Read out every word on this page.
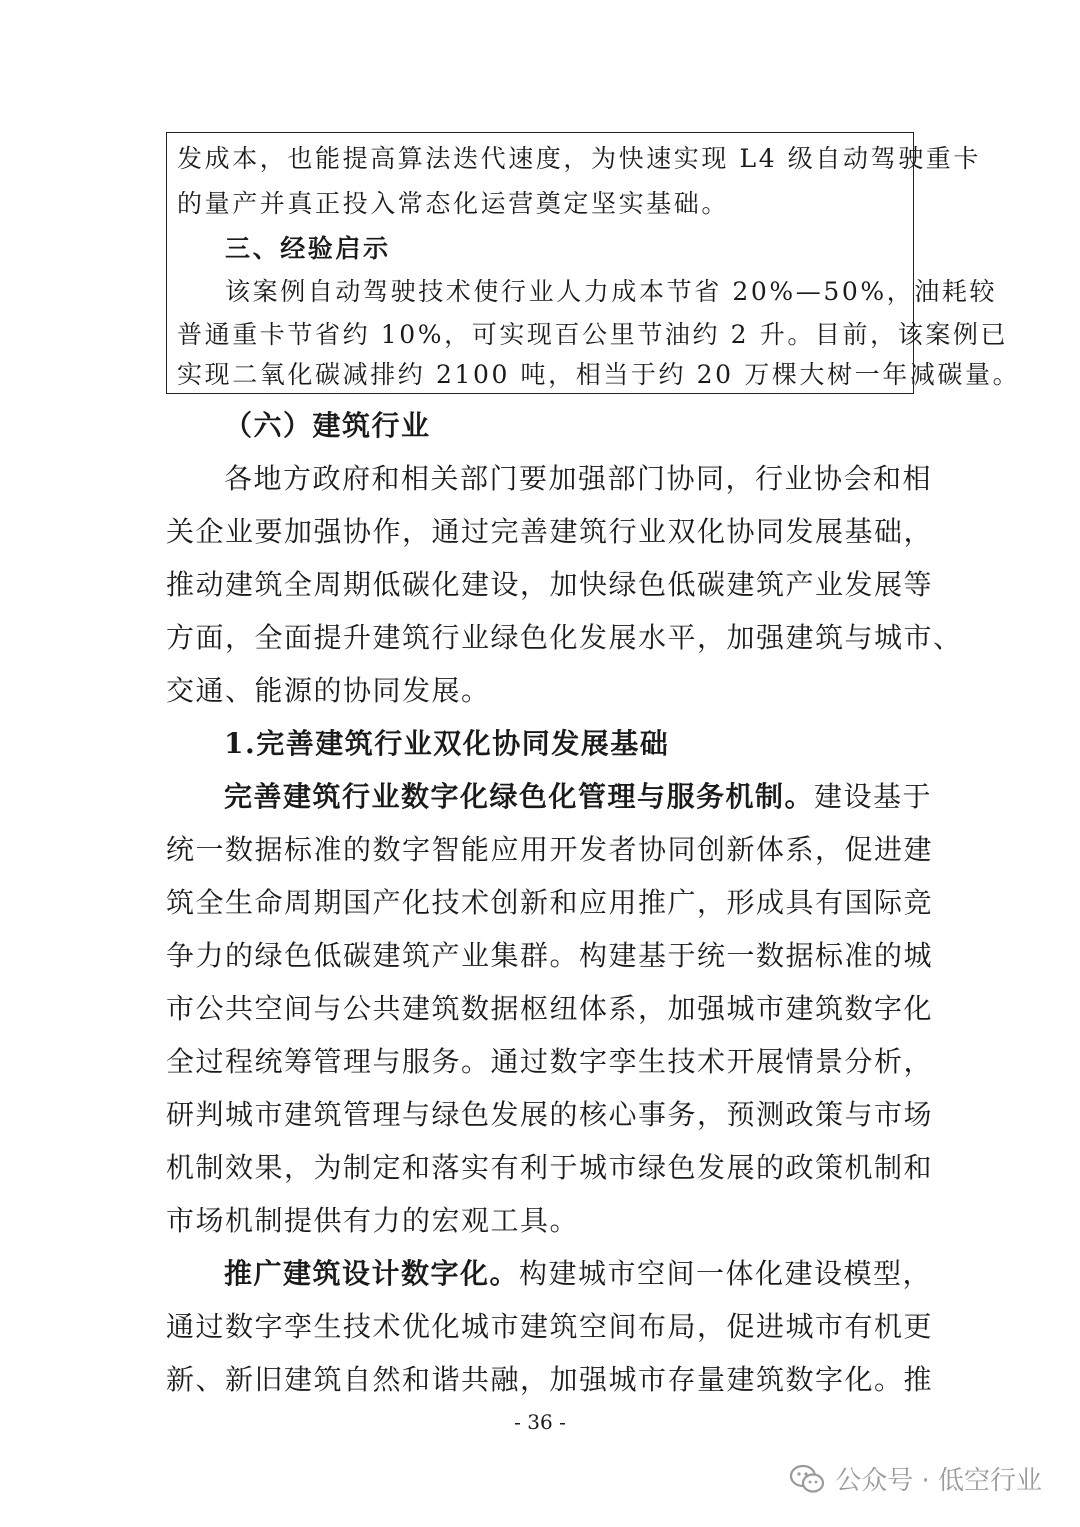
发成本，也能提高算法迭代速度，为快速实现 L4 级自动驾驶重卡
的量产并真正投入常态化运营奠定坚实基础。
三、经验启示
该案例自动驾驶技术使行业人力成本节省 20%—50%，油耗较
普通重卡节省约 10%，可实现百公里节油约 2 升。目前，该案例已
实现二氧化碳减排约 2100 吨，相当于约 20 万棵大树一年减碳量。
（六）建筑行业
各地方政府和相关部门要加强部门协同，行业协会和相
关企业要加强协作，通过完善建筑行业双化协同发展基础，
推动建筑全周期低碳化建设，加快绿色低碳建筑产业发展等
方面，全面提升建筑行业绿色化发展水平，加强建筑与城市、
交通、能源的协同发展。
1.完善建筑行业双化协同发展基础
完善建筑行业数字化绿色化管理与服务机制。建设基于
统一数据标准的数字智能应用开发者协同创新体系，促进建
筑全生命周期国产化技术创新和应用推广，形成具有国际竞
争力的绿色低碳建筑产业集群。构建基于统一数据标准的城
市公共空间与公共建筑数据枢纽体系，加强城市建筑数字化
全过程统筹管理与服务。通过数字孪生技术开展情景分析，
研判城市建筑管理与绿色发展的核心事务，预测政策与市场
机制效果，为制定和落实有利于城市绿色发展的政策机制和
市场机制提供有力的宏观工具。
推广建筑设计数字化。构建城市空间一体化建设模型，
通过数字孪生技术优化城市建筑空间布局，促进城市有机更
新、新旧建筑自然和谐共融，加强城市存量建筑数字化。推
- 36 -
公众号 · 低空行业
